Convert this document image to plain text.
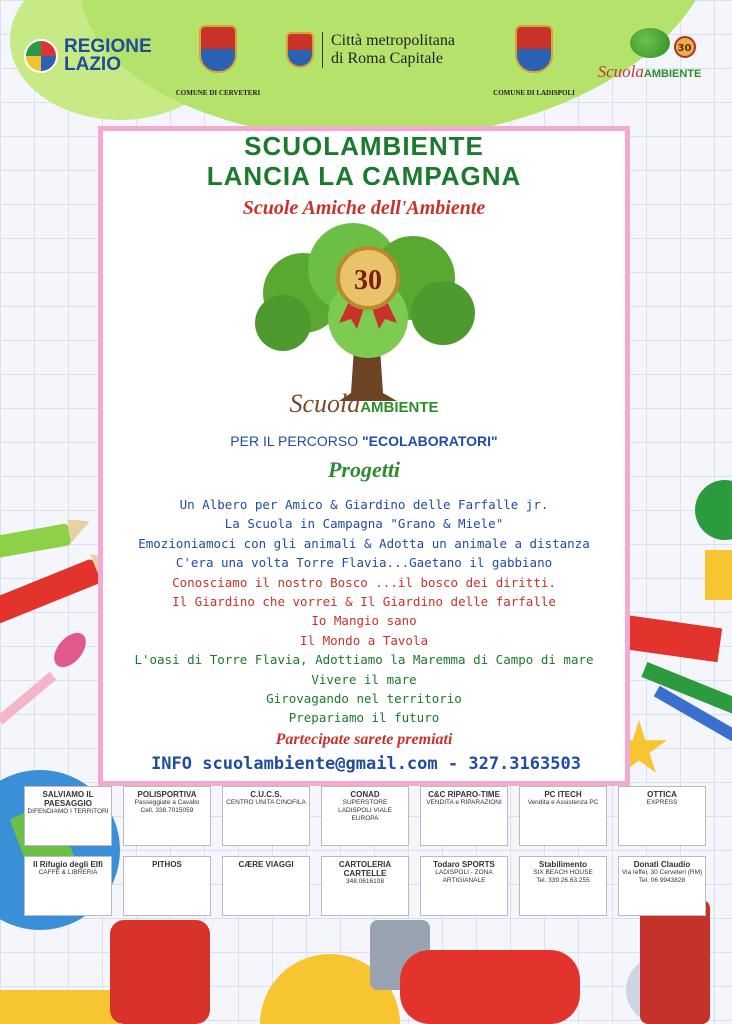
REGIONE
LAZIO
COMUNE DI CERVETERI
Città metropolitana
di Roma Capitale
COMUNE DI LADISPOLI
30
ScuolaAMBIENTE
SCUOLAMBIENTE
LANCIA LA CAMPAGNA
Scuole Amiche dell'Ambiente
30
ScuolaAMBIENTE
PER IL PERCORSO "ECOLABORATORI"
Progetti
Un Albero per Amico & Giardino delle Farfalle jr.
La Scuola in Campagna "Grano & Miele"
Emozioniamoci con gli animali & Adotta un animale a distanza
C'era una volta Torre Flavia...Gaetano il gabbiano
Conosciamo il nostro Bosco ...il bosco dei diritti.
Il Giardino che vorrei & Il Giardino delle farfalle
Io Mangio sano
Il Mondo a Tavola
L'oasi di Torre Flavia, Adottiamo la Maremma di Campo di mare
Vivere il mare
Girovagando nel territorio
Prepariamo il futuro
Partecipate sarete premiati
INFO scuolambiente@gmail.com - 327.3163503
SALVIAMO IL PAESAGGIO
DIFENDIAMO I TERRITORI
POLISPORTIVA
Passeggiate a Cavallo
Cell. 338.7015059
C.U.C.S.
CENTRO UNITA CINOFILA
CONAD
SUPERSTORE
LADISPOLI VIALE EUROPA
C&C RIPARO-TIME
VENDITA e RIPARAZIONI
PC ITECH
Vendita e Assistenza PC
OTTICA
EXPRESS
Il Rifugio degli Elfi
CAFFÈ & LIBRERIA
PITHOS	CÆRE VIAGGI	CARTOLERIA CARTELLE
348.0616108
Todaro SPORTS
LADISPOLI - ZONA ARTIGIANALE
Stabilimento
SIX BEACH HOUSE
Tel. 339.26.63.255
Donati Claudio
Via Ieffei, 30 Cerveteri (RM)
Tel. 06 9943828
